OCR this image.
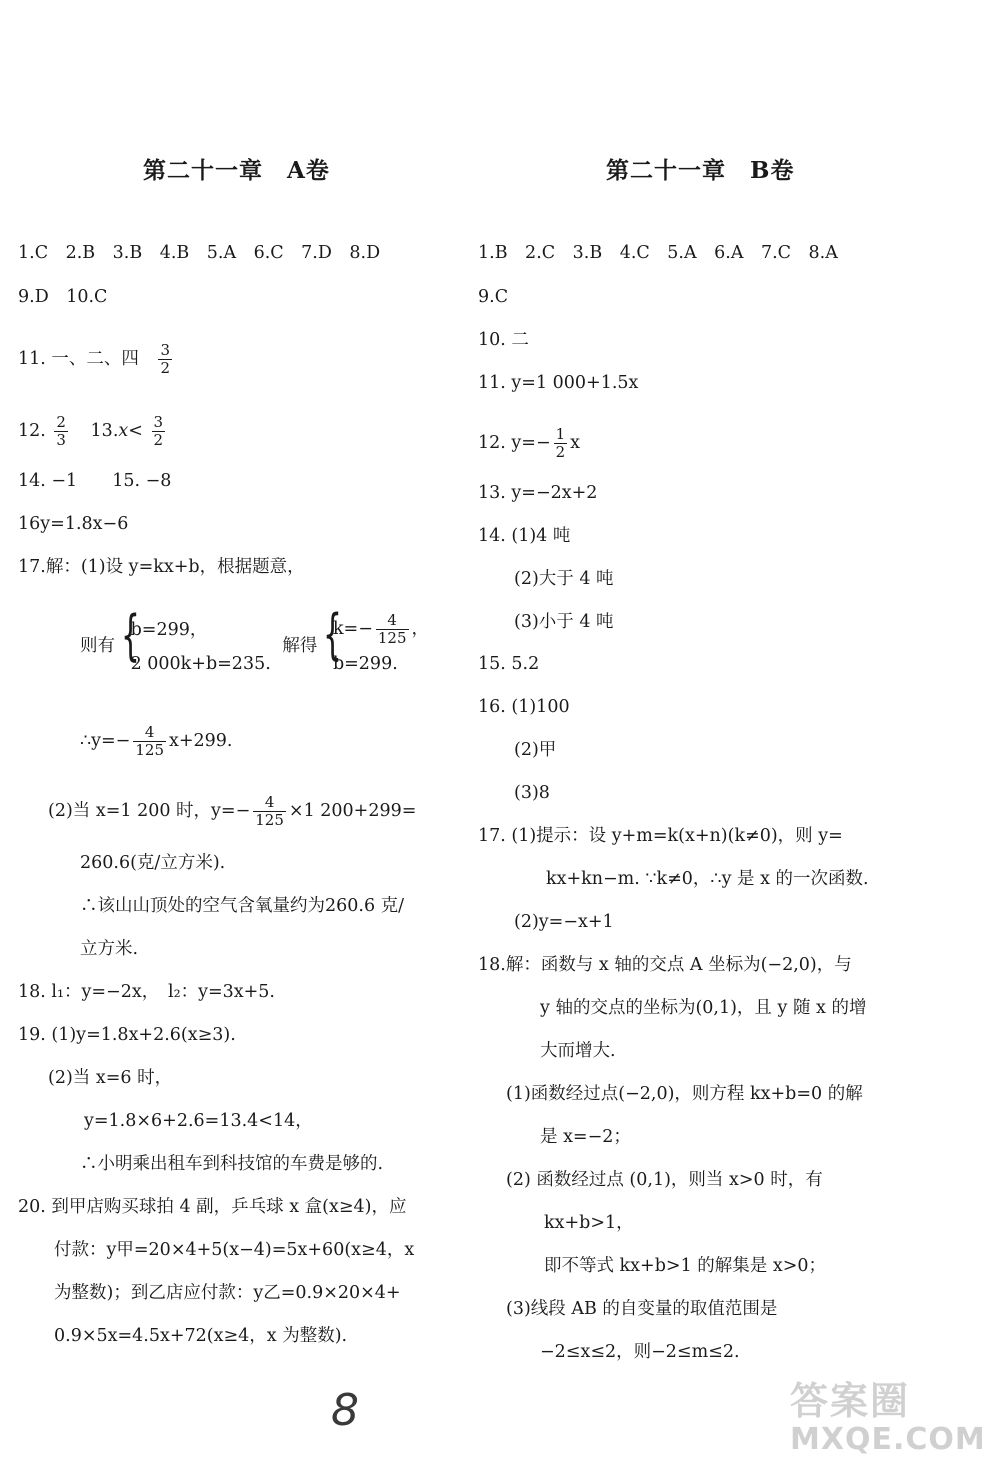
第二十一章　A卷
1.C　2.B　3.B　4.B　5.A　6.C　7.D　8.D
9.D　10.C
11. 一、二、四 $\frac{3}{2}$
12. $\frac{2}{3} 13.x< \frac{3}{2}$
14. −1　　15. −8
16y=1.8x−6
17.解：(1)设 y=kx+b，根据题意，
则有 {
b=299，
2 000k+b=235.
解得 {
$k=- \frac{4}{125}$ ，
b=299.
∴y=− $\frac{4}{125} x+299$.
(2)当 x=1 200 时，$y=- \frac{4}{125} \times 1$ 200+299=
260.6(克/立方米).
∴该山山顶处的空气含氧量约为260.6 克/
立方米.
18. l₁：y=−2x，　l₂：y=3x+5.
19. (1)y=1.8x+2.6(x≥3).
(2)当 x=6 时，
y=1.8×6+2.6=13.4<14，
∴小明乘出租车到科技馆的车费是够的.
20. 到甲店购买球拍 4 副，乒乓球 x 盒(x≥4)，应
付款：y甲=20×4+5(x−4)=5x+60(x≥4，x
为整数)；到乙店应付款：y乙=0.9×20×4+
0.9×5x=4.5x+72(x≥4，x 为整数).
第二十一章　B卷
1.B　2.C　3.B　4.C　5.A　6.A　7.C　8.A
9.C
10. 二
11. y=1 000+1.5x
12. $y=- \frac{1}{2}$ x
13. y=−2x+2
14. (1)4 吨
(2)大于 4 吨
(3)小于 4 吨
15. 5.2
16. (1)100
(2)甲
(3)8
17. (1)提示：设 y+m=k(x+n)(k≠0)，则 y=
kx+kn−m. ∵k≠0，∴y 是 x 的一次函数.
(2)y=−x+1
18.解：函数与 x 轴的交点 A 坐标为(−2,0)，与
y 轴的交点的坐标为(0,1)，且 y 随 x 的增
大而增大.
(1)函数经过点(−2,0)，则方程 kx+b=0 的解
是 x=−2；
(2) 函数经过点 (0,1)，则当 x>0 时，有
kx+b>1，
即不等式 kx+b>1 的解集是 x>0；
(3)线段 AB 的自变量的取值范围是
−2≤x≤2，则−2≤m≤2.
8	答案圈
MXQE.COM
